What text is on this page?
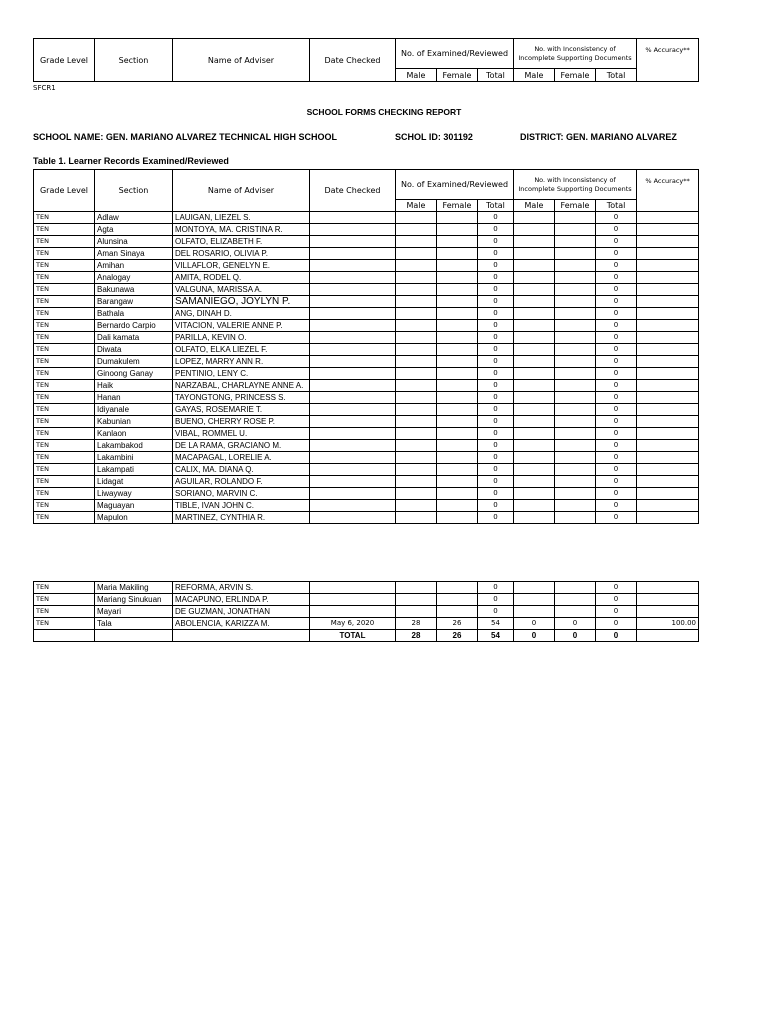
Grade Level	Section	Name of Adviser	Date Checked	No. of Examined/Reviewed			No. with Inconsistency of Incomplete Supporting Documents			% Accuracy**
				Male	Female	Total	Male	Female	Total	
SFCR1
SCHOOL FORMS CHECKING REPORT
SCHOOL NAME: GEN. MARIANO ALVAREZ TECHNICAL HIGH SCHOOL	SCHOL ID: 301192	DISTRICT: GEN. MARIANO ALVAREZ
Table 1. Learner Records Examined/Reviewed
Grade Level	Section	Name of Adviser	Date Checked	No. of Examined/Reviewed			No. with Inconsistency of Incomplete Supporting Documents			% Accuracy**
				Male	Female	Total	Male	Female	Total	
TEN	Adlaw	LAUIGAN, LIEZEL S.				0			0	
TEN	Agta	MONTOYA, MA. CRISTINA R.				0			0	
TEN	Alunsina	OLFATO, ELIZABETH F.				0			0	
TEN	Aman Sinaya	DEL ROSARIO, OLIVIA P.				0			0	
TEN	Amihan	VILLAFLOR, GENELYN E.				0			0	
TEN	Analogay	AMITA, RODEL Q.				0			0	
TEN	Bakunawa	VALGUNA, MARISSA A.				0			0	
TEN	Barangaw	SAMANIEGO, JOYLYN P.				0			0	
TEN	Bathala	ANG, DINAH D.				0			0	
TEN	Bernardo Carpio	VITACION, VALERIE ANNE P.				0			0	
TEN	Dali kamata	PARILLA, KEVIN O.				0			0	
TEN	Diwata	OLFATO, ELKA LIEZEL F.				0			0	
TEN	Dumakulem	LOPEZ, MARRY ANN R.				0			0	
TEN	Ginoong Ganay	PENTINIO, LENY C.				0			0	
TEN	Haik	NARZABAL, CHARLAYNE ANNE A.				0			0	
TEN	Hanan	TAYONGTONG, PRINCESS S.				0			0	
TEN	Idiyanale	GAYAS, ROSEMARIE T.				0			0	
TEN	Kabunian	BUENO, CHERRY ROSE P.				0			0	
TEN	Kanlaon	VIBAL, ROMMEL U.				0			0	
TEN	Lakambakod	DE LA RAMA, GRACIANO M.				0			0	
TEN	Lakambini	MACAPAGAL, LORELIE A.				0			0	
TEN	Lakampati	CALIX, MA. DIANA Q.				0			0	
TEN	Lidagat	AGUILAR, ROLANDO F.				0			0	
TEN	Liwayway	SORIANO, MARVIN C.				0			0	
TEN	Maguayan	TIBLE, IVAN JOHN C.				0			0	
TEN	Mapulon	MARTINEZ, CYNTHIA R.				0			0	
TEN	Maria Makiling	REFORMA, ARVIN S.				0			0	
TEN	Mariang Sinukuan	MACAPUNO, ERLINDA P.				0			0	
TEN	Mayari	DE GUZMAN, JONATHAN				0			0	
TEN	Tala	ABOLENCIA, KARIZZA M.	May 6, 2020	28	26	54	0	0	0	100.00
			TOTAL	28	26	54	0	0	0	
